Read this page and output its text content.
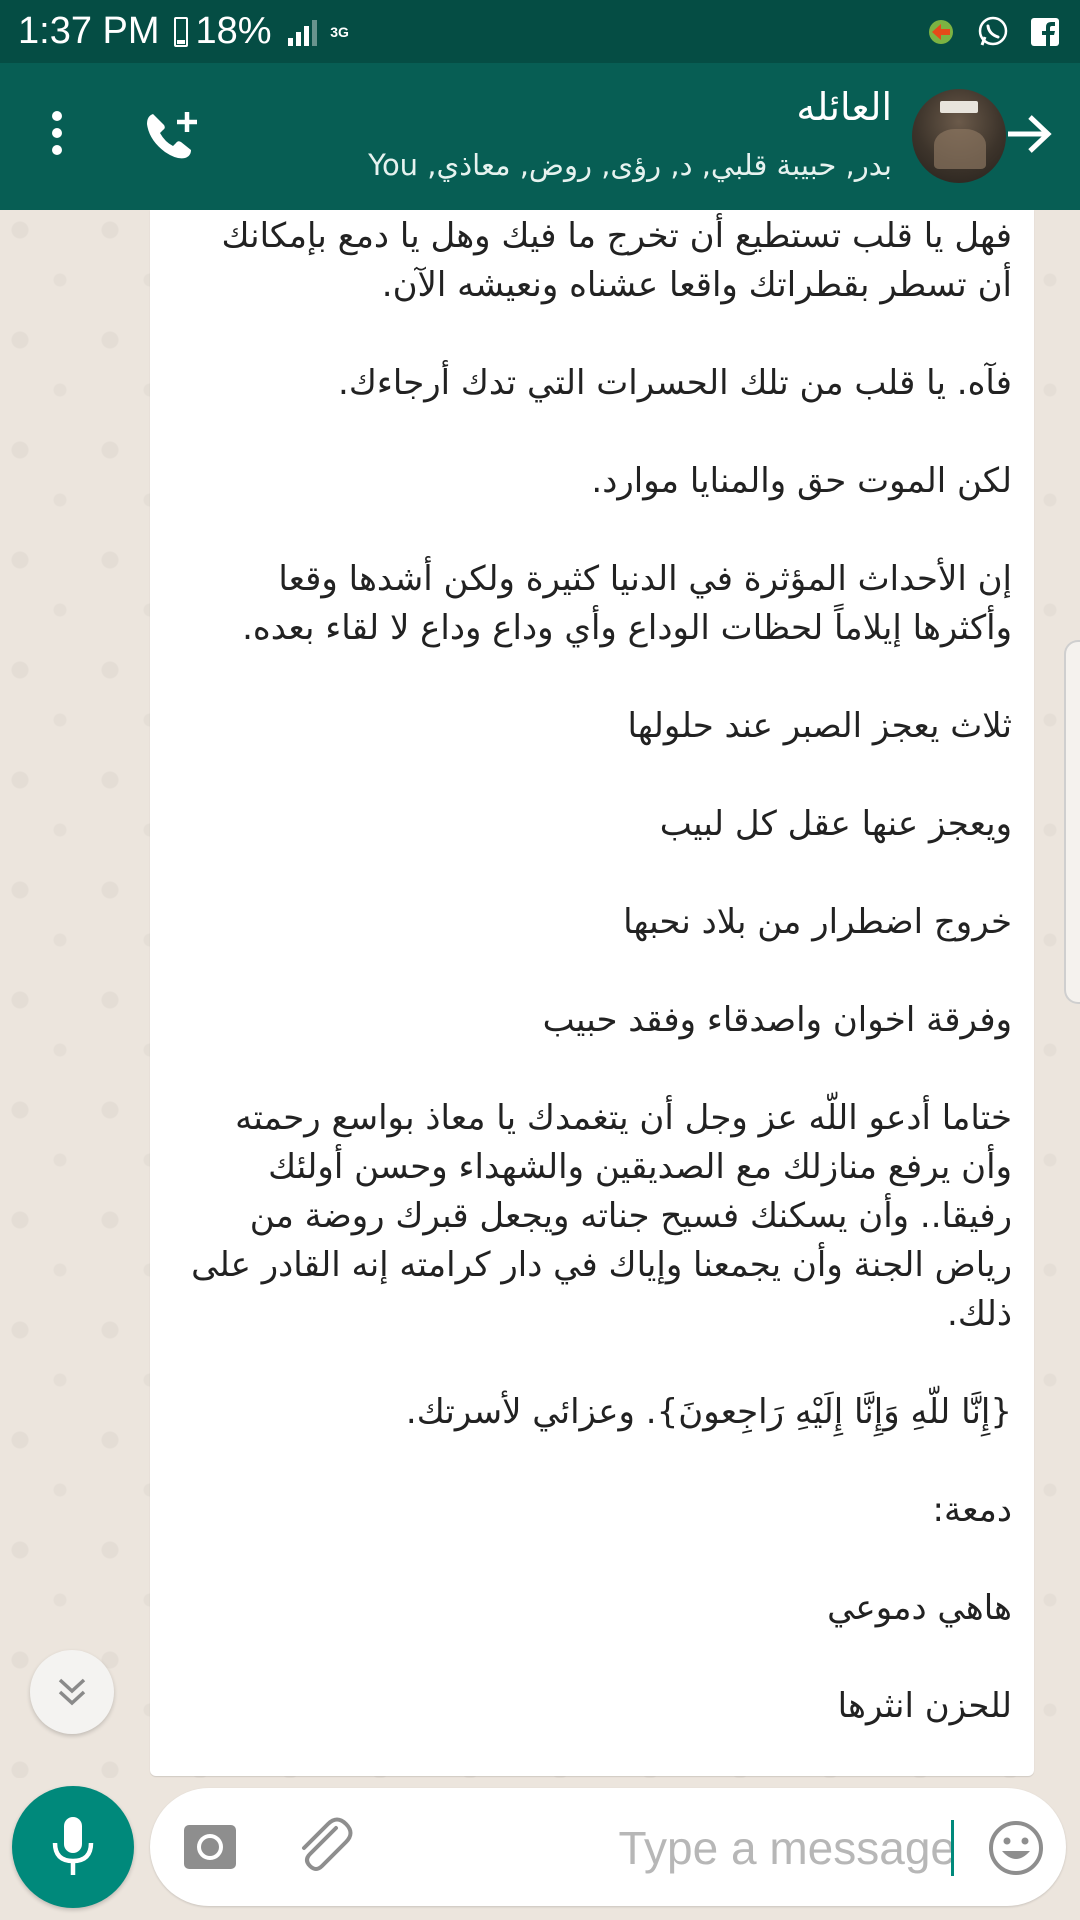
1:37 PM 18%	3G
العائله
بدر, حبيبة قلبي, د, رؤى, روض, معاذي, You

فهل يا قلب تستطيع أن تخرج ما فيك وهل يا دمع بإمكانك أن تسطر بقطراتك واقعا عشناه ونعيشه الآن.

فآه. يا قلب من تلك الحسرات التي تدك أرجاءك.

لكن الموت حق والمنايا موارد.

إن الأحداث المؤثرة في الدنيا كثيرة ولكن أشدها وقعا وأكثرها إيلاماً لحظات الوداع وأي وداع وداع لا لقاء بعده.

ثلاث يعجز الصبر عند حلولها

ويعجز عنها عقل كل لبيب

خروج اضطرار من بلاد نحبها

وفرقة اخوان واصدقاء وفقد حبيب

ختاما أدعو اللّه عز وجل أن يتغمدك يا معاذ بواسع رحمته وأن يرفع منازلك مع الصديقين والشهداء وحسن أولئك رفيقا.. وأن يسكنك فسيح جناته ويجعل قبرك روضة من رياض الجنة وأن يجمعنا وإياك في دار كرامته إنه القادر على ذلك.

{إِنَّا للّهِ وَإِنَّا إِلَيْهِ رَاجِعونَ}. وعزائي لأسرتك.

دمعة:

هاهي دموعي

للحزن انثرها

Type a message
